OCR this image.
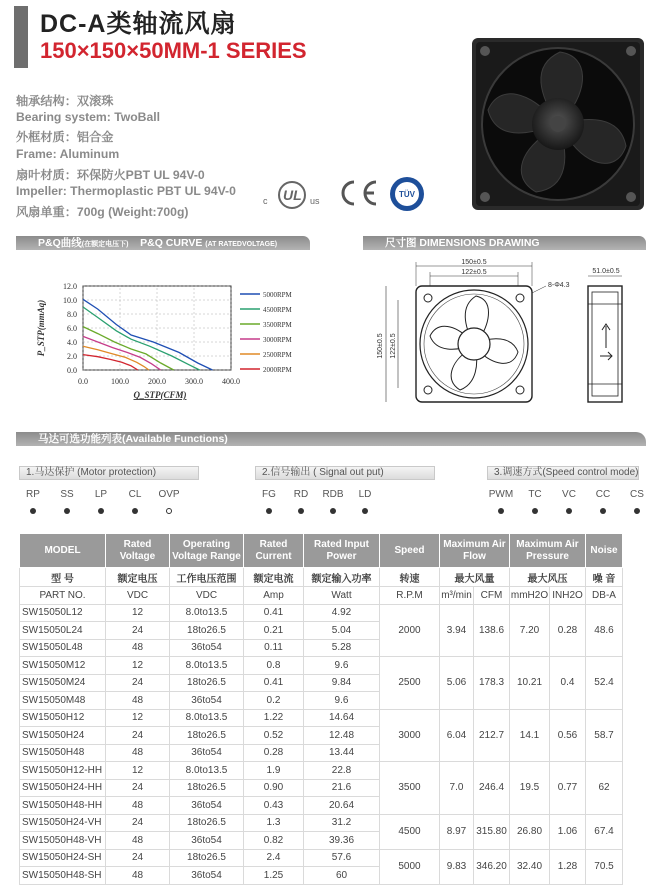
DC-A类轴流风扇
150×150×50MM-1 SERIES
轴承结构：双滚珠
Bearing system: TwoBall
外框材质：铝合金
Frame: Aluminum
扇叶材质：环保防火PBT UL 94V-0
Impeller: Thermoplastic PBT UL 94V-0
风扇单重：700g (Weight:700g)
c UL us
TÜV
P&Q曲线(在额定电压下) P&Q CURVE (AT RATEDVOLTAGE)
0.0
2.0
4.0
6.0
8.0
10.0
12.0
0.0	100.0 200.0 300.0 400.0
5000RPM
4500RPM
3500RPM
3000RPM
2500RPM
2000RPM
P_STP(mmAq)
Q_STP(CFM)
尺寸图 DIMENSIONS DRAWING
150±0.5
122±0.5
8-Φ4.3
150±0.5 122±0.5
51.0±0.5
马达可选功能列表(Available Functions)
1.马达保护 (Motor protection)	2.信号输出 ( Signal out put)	3.调速方式(Speed control mode)
RP	SS	LP	CL	OVP	FG	RD	RDB	LD	PWM	TC	VC	CC	CS
MODEL	Rated Voltage	Operating Voltage Range	Rated Current	Rated Input Power	Speed	Maximum Air Flow		Maximum Air Pressure		Noise
型 号	额定电压	工作电压范围	额定电流	额定输入功率	转速	最大风量		最大风压		噪 音
PART NO.	VDC	VDC	Amp	Watt	R.P.M	m³/min	CFM	mmH2O	INH2O	DB-A
SW15050L12	12	8.0to13.5	0.41	4.92	2000	3.94	138.6	7.20	0.28	48.6
SW15050L24	24	18to26.5	0.21	5.04						
SW15050L48	48	36to54	0.11	5.28						
SW15050M12	12	8.0to13.5	0.8	9.6	2500	5.06	178.3	10.21	0.4	52.4
SW15050M24	24	18to26.5	0.41	9.84						
SW15050M48	48	36to54	0.2	9.6						
SW15050H12	12	8.0to13.5	1.22	14.64	3000	6.04	212.7	14.1	0.56	58.7
SW15050H24	24	18to26.5	0.52	12.48						
SW15050H48	48	36to54	0.28	13.44						
SW15050H12-HH	12	8.0to13.5	1.9	22.8	3500	7.0	246.4	19.5	0.77	62
SW15050H24-HH	24	18to26.5	0.90	21.6						
SW15050H48-HH	48	36to54	0.43	20.64						
SW15050H24-VH	24	18to26.5	1.3	31.2	4500	8.97	315.80	26.80	1.06	67.4
SW15050H48-VH	48	36to54	0.82	39.36						
SW15050H24-SH	24	18to26.5	2.4	57.6	5000	9.83	346.20	32.40	1.28	70.5
SW15050H48-SH	48	36to54	1.25	60						
